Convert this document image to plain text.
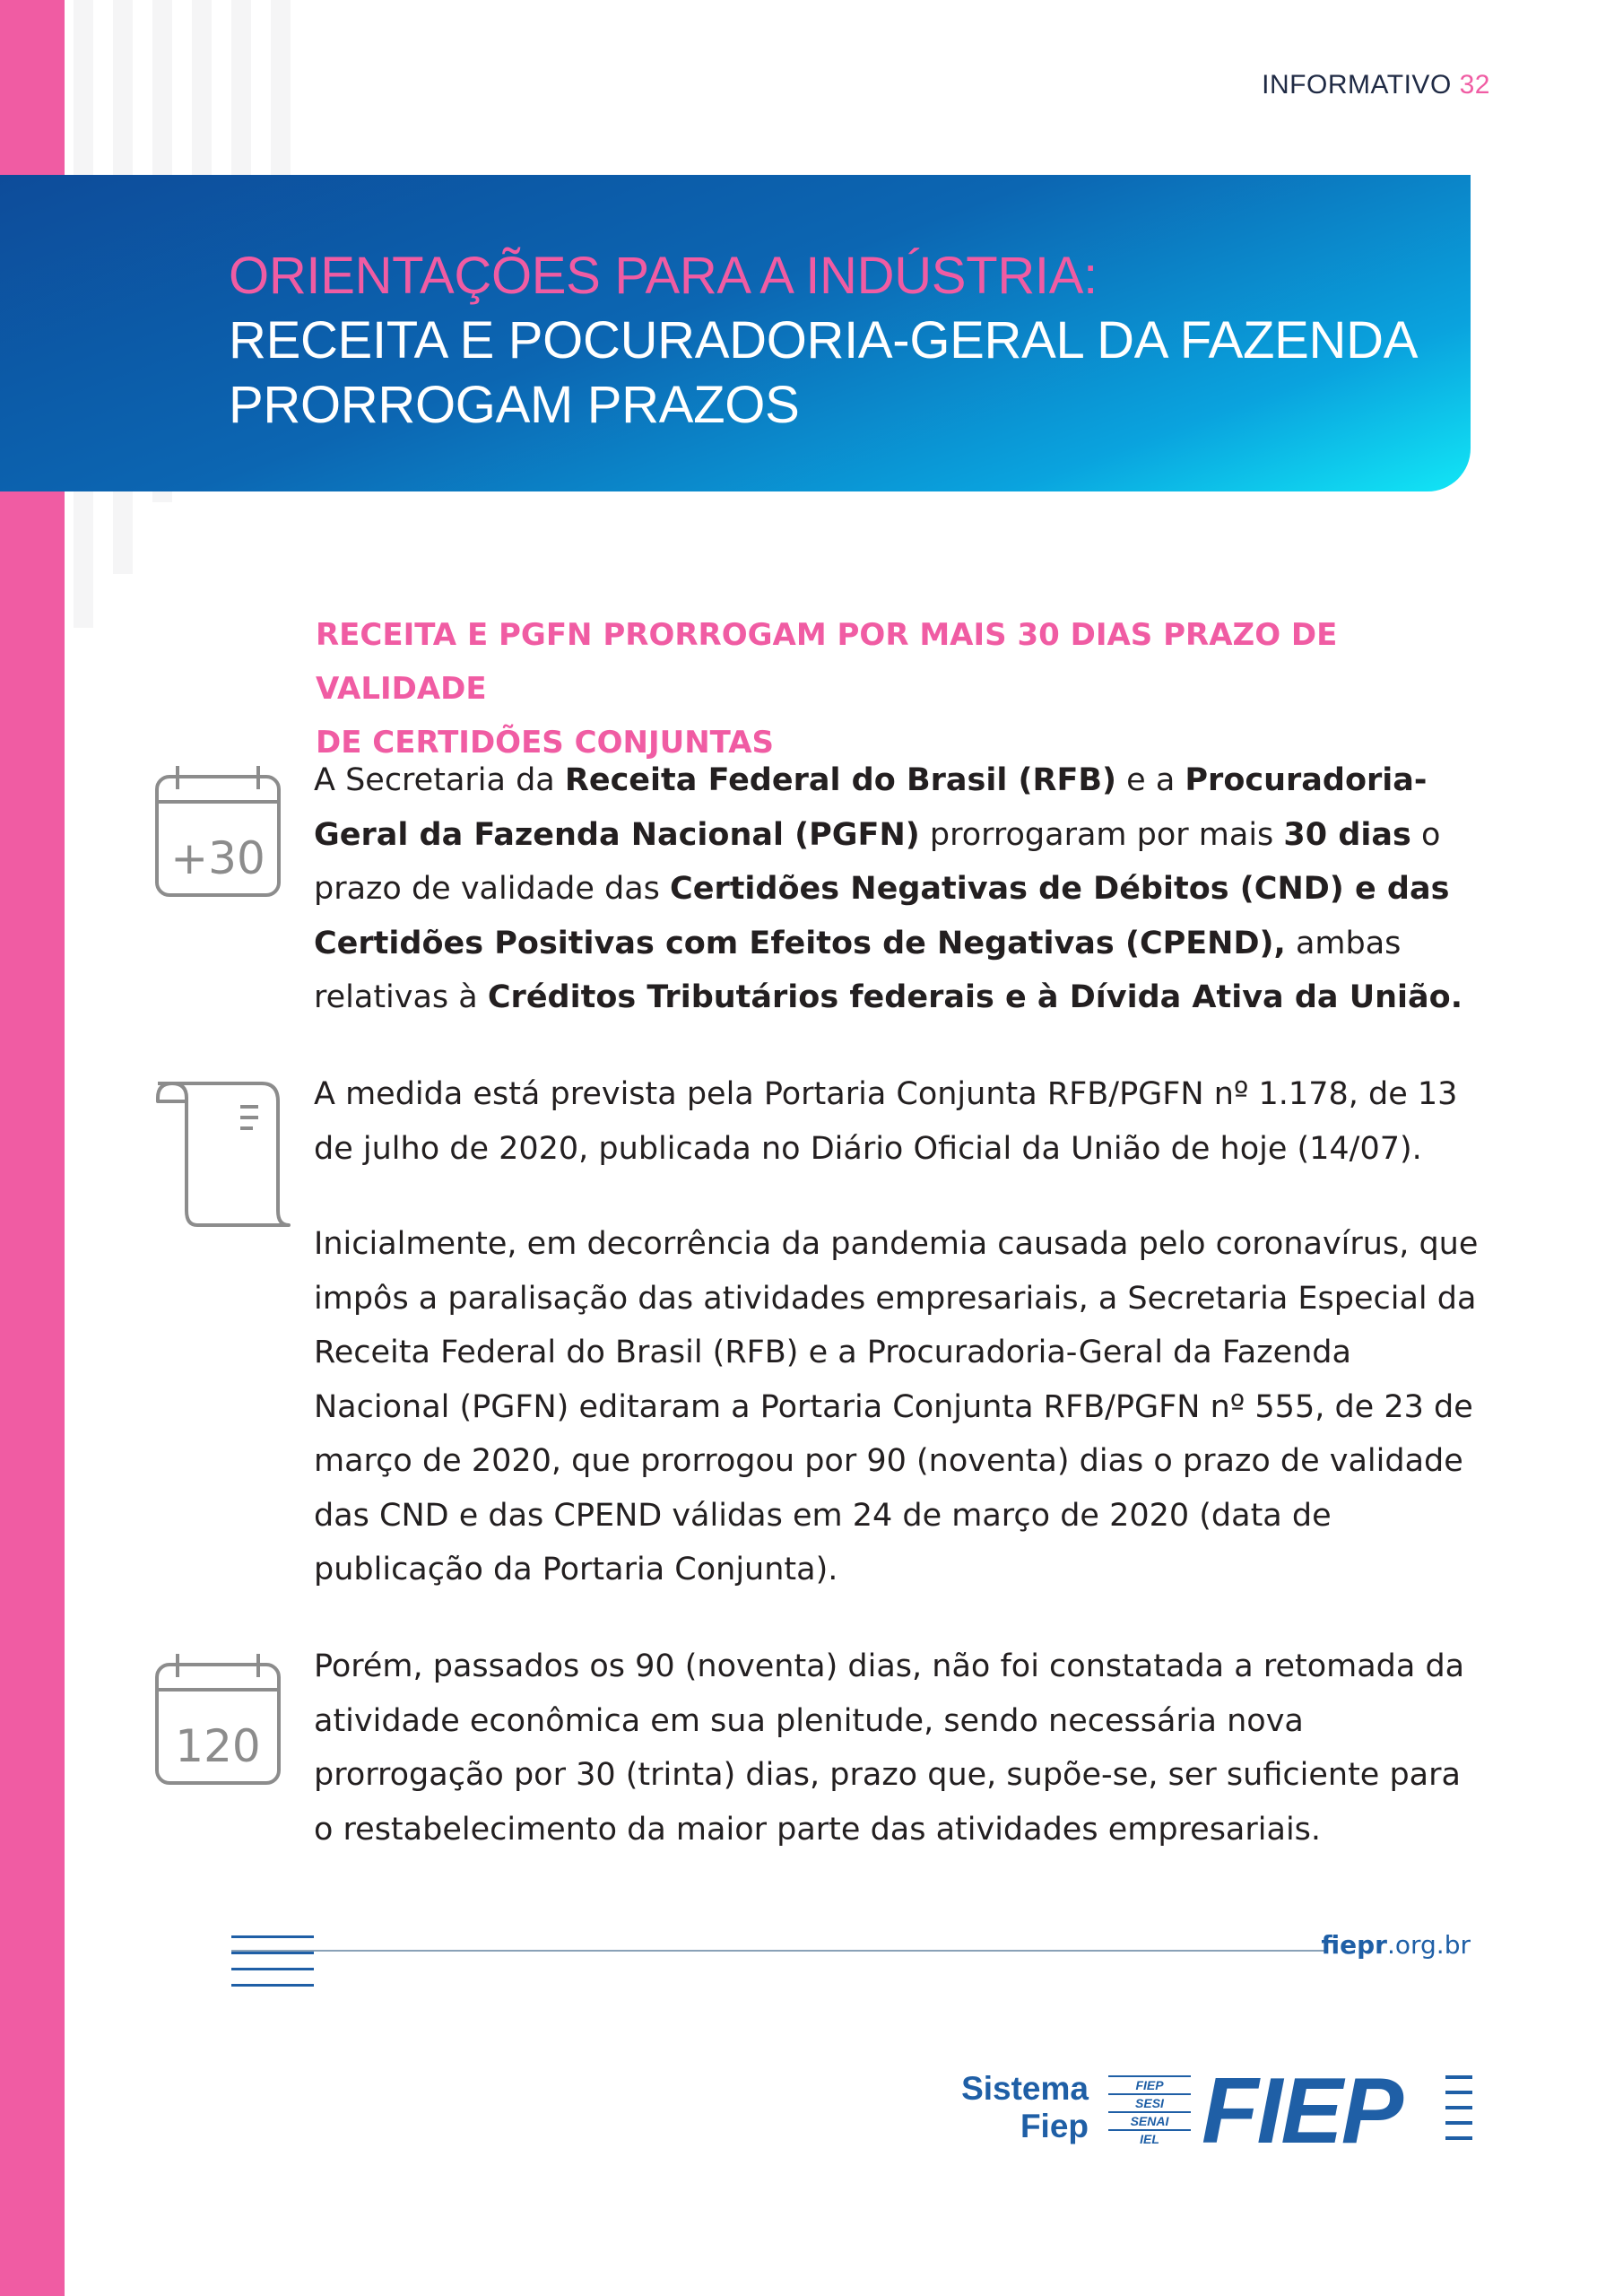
INFORMATIVO 32
ORIENTAÇÕES PARA A INDÚSTRIA:
RECEITA E POCURADORIA-GERAL DA FAZENDA
PRORROGAM PRAZOS
RECEITA E PGFN PRORROGAM POR MAIS 30 DIAS PRAZO DE VALIDADE
DE CERTIDÕES CONJUNTAS
+30
120
A Secretaria da Receita Federal do Brasil (RFB) e a Procuradoria-Geral da Fazenda Nacional (PGFN) prorrogaram por mais 30 dias o prazo de validade das Certidões Negativas de Débitos (CND) e das Certidões Positivas com Efeitos de Negativas (CPEND), ambas relativas à Créditos Tributários federais e à Dívida Ativa da União.
A medida está prevista pela Portaria Conjunta RFB/PGFN nº 1.178, de 13 de julho de 2020, publicada no Diário Oficial da União de hoje (14/07).
Inicialmente, em decorrência da pandemia causada pelo coronavírus, que impôs a paralisação das atividades empresariais, a Secretaria Especial da Receita Federal do Brasil (RFB) e a Procuradoria-Geral da Fazenda Nacional (PGFN) editaram a Portaria Conjunta RFB/PGFN nº 555, de 23 de março de 2020, que prorrogou por 90 (noventa) dias o prazo de validade das CND e das CPEND válidas em 24 de março de 2020 (data de publicação da Portaria Conjunta).
Porém, passados os 90 (noventa) dias, não foi constatada a retomada da atividade econômica em sua plenitude, sendo necessária nova prorrogação por 30 (trinta) dias, prazo que, supõe-se, ser suficiente para o restabelecimento da maior parte das atividades empresariais.
fiepr.org.br
Sistema
Fiep
FIEP
SESI
SENAI
IEL FIEP
